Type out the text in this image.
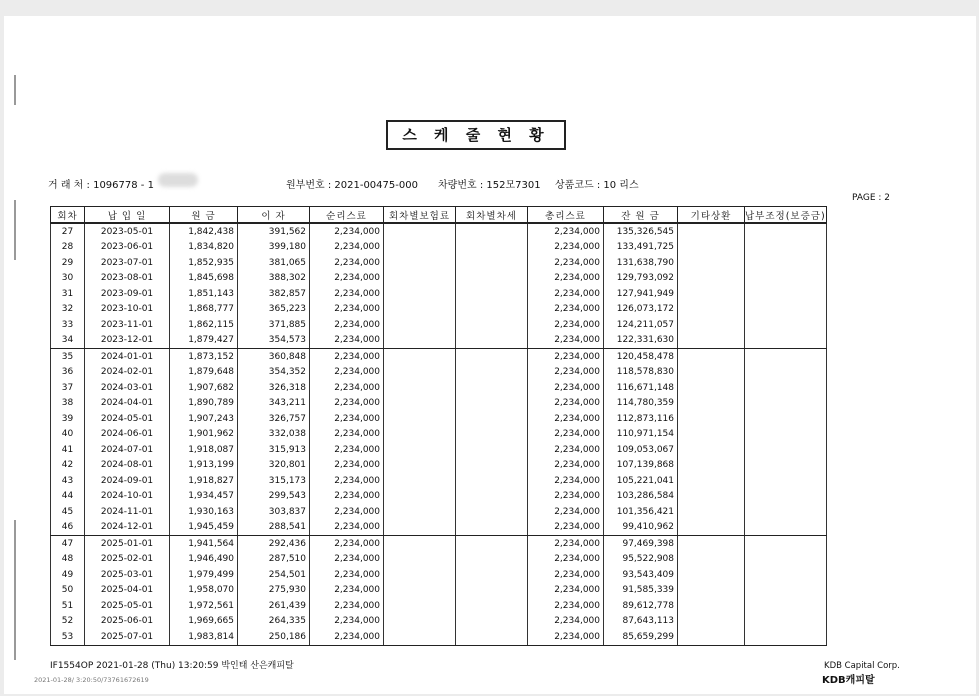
스 케 줄 현 황
거 래 처 : 1096778 - 1	원부번호 : 2021-00475-000 차량번호 : 152모7301 상품코드 : 10 리스
PAGE : 2
회차	납 입 일	원 금	이 자	순리스료	회차별보험료	회차별차세	총리스료	잔 원 금	기타상환	납부조정(보증금)
27	2023-05-01	1,842,438	391,562	2,234,000			2,234,000	135,326,545		
28	2023-06-01	1,834,820	399,180	2,234,000			2,234,000	133,491,725		
29	2023-07-01	1,852,935	381,065	2,234,000			2,234,000	131,638,790		
30	2023-08-01	1,845,698	388,302	2,234,000			2,234,000	129,793,092		
31	2023-09-01	1,851,143	382,857	2,234,000			2,234,000	127,941,949		
32	2023-10-01	1,868,777	365,223	2,234,000			2,234,000	126,073,172		
33	2023-11-01	1,862,115	371,885	2,234,000			2,234,000	124,211,057		
34	2023-12-01	1,879,427	354,573	2,234,000			2,234,000	122,331,630		
35	2024-01-01	1,873,152	360,848	2,234,000			2,234,000	120,458,478		
36	2024-02-01	1,879,648	354,352	2,234,000			2,234,000	118,578,830		
37	2024-03-01	1,907,682	326,318	2,234,000			2,234,000	116,671,148		
38	2024-04-01	1,890,789	343,211	2,234,000			2,234,000	114,780,359		
39	2024-05-01	1,907,243	326,757	2,234,000			2,234,000	112,873,116		
40	2024-06-01	1,901,962	332,038	2,234,000			2,234,000	110,971,154		
41	2024-07-01	1,918,087	315,913	2,234,000			2,234,000	109,053,067		
42	2024-08-01	1,913,199	320,801	2,234,000			2,234,000	107,139,868		
43	2024-09-01	1,918,827	315,173	2,234,000			2,234,000	105,221,041		
44	2024-10-01	1,934,457	299,543	2,234,000			2,234,000	103,286,584		
45	2024-11-01	1,930,163	303,837	2,234,000			2,234,000	101,356,421		
46	2024-12-01	1,945,459	288,541	2,234,000			2,234,000	99,410,962		
47	2025-01-01	1,941,564	292,436	2,234,000			2,234,000	97,469,398		
48	2025-02-01	1,946,490	287,510	2,234,000			2,234,000	95,522,908		
49	2025-03-01	1,979,499	254,501	2,234,000			2,234,000	93,543,409		
50	2025-04-01	1,958,070	275,930	2,234,000			2,234,000	91,585,339		
51	2025-05-01	1,972,561	261,439	2,234,000			2,234,000	89,612,778		
52	2025-06-01	1,969,665	264,335	2,234,000			2,234,000	87,643,113		
53	2025-07-01	1,983,814	250,186	2,234,000			2,234,000	85,659,299		
IF1554OP 2021-01-28 (Thu) 13:20:59 박인태 산은캐피탈
2021-01-28/ 3:20:50/73761672619
KDB Capital Corp.
KDB캐피탈
